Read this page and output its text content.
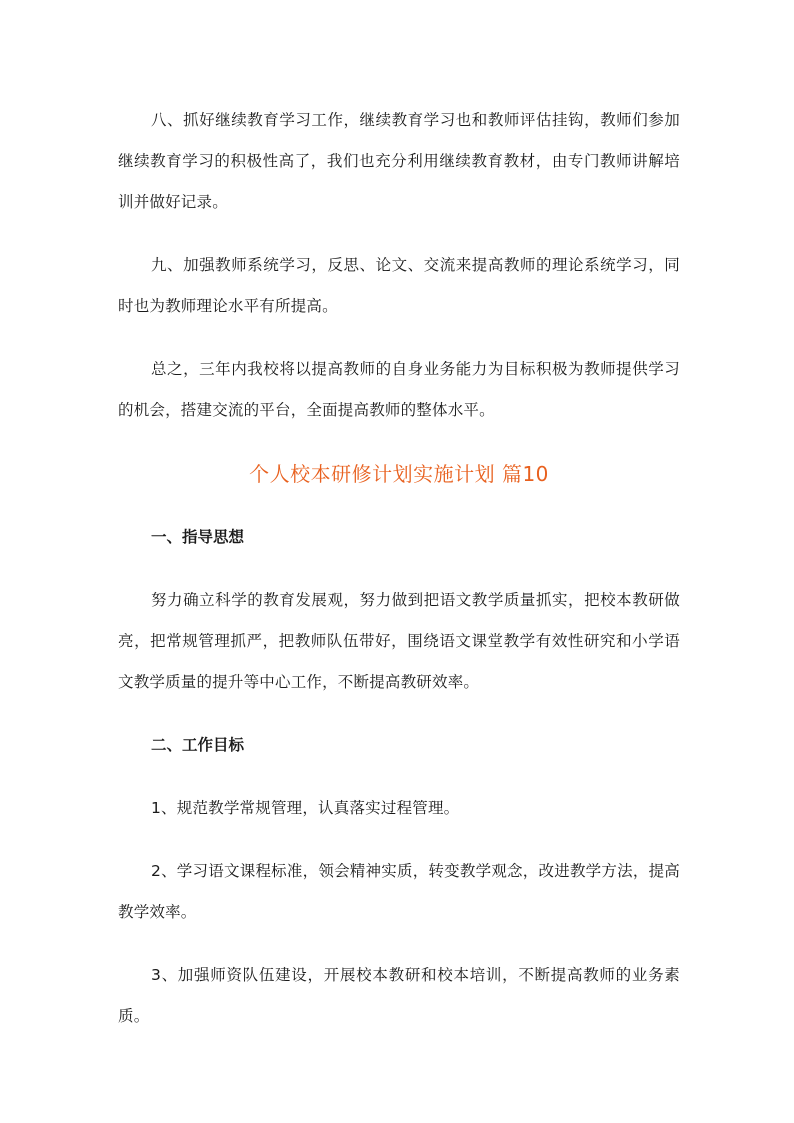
八、抓好继续教育学习工作，继续教育学习也和教师评估挂钩，教师们参加继续教育学习的积极性高了，我们也充分利用继续教育教材，由专门教师讲解培训并做好记录。

九、加强教师系统学习，反思、论文、交流来提高教师的理论系统学习，同时也为教师理论水平有所提高。

总之，三年内我校将以提高教师的自身业务能力为目标积极为教师提供学习的机会，搭建交流的平台，全面提高教师的整体水平。

个人校本研修计划实施计划 篇10

一、指导思想

努力确立科学的教育发展观，努力做到把语文教学质量抓实，把校本教研做亮，把常规管理抓严，把教师队伍带好，围绕语文课堂教学有效性研究和小学语文教学质量的提升等中心工作，不断提高教研效率。

二、工作目标

1、规范教学常规管理，认真落实过程管理。

2、学习语文课程标准，领会精神实质，转变教学观念，改进教学方法，提高教学效率。

3、加强师资队伍建设，开展校本教研和校本培训，不断提高教师的业务素质。
